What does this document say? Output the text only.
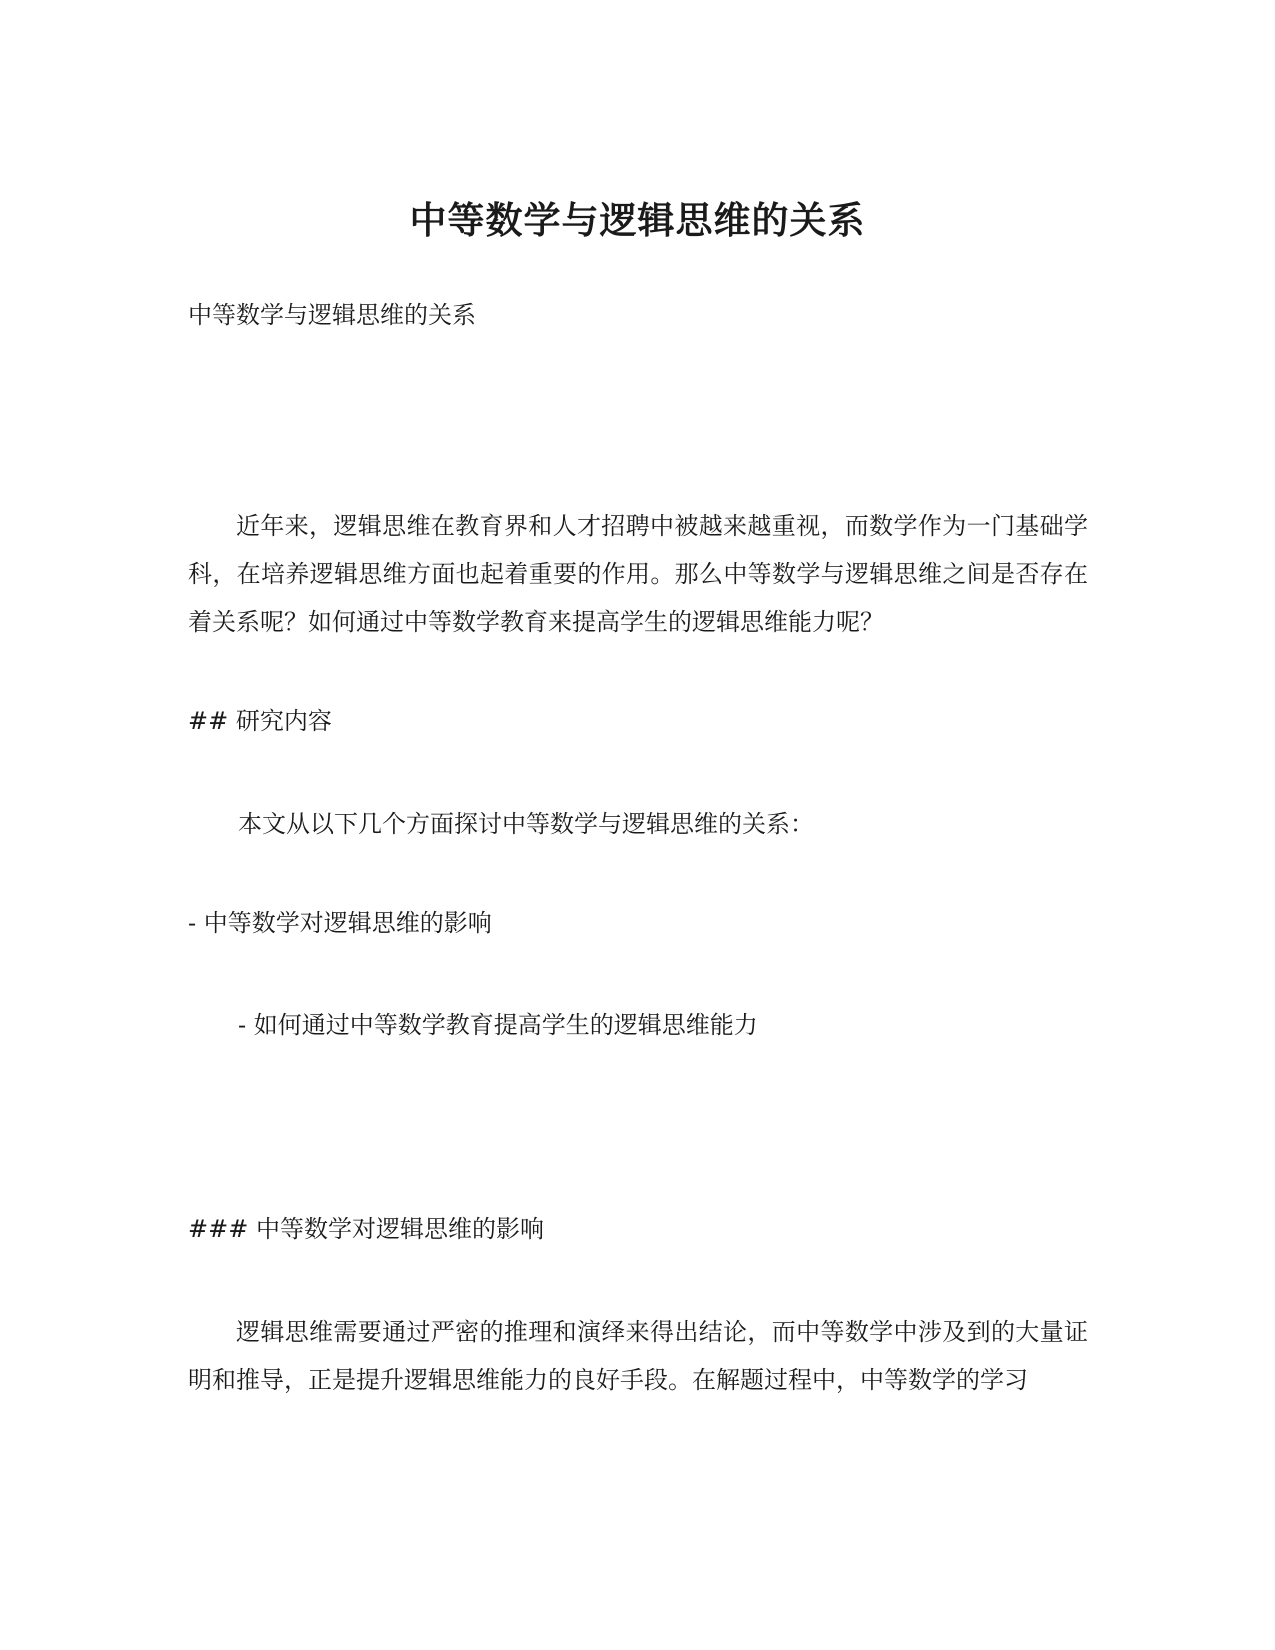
中等数学与逻辑思维的关系
中等数学与逻辑思维的关系
近年来，逻辑思维在教育界和人才招聘中被越来越重视，而数学作为一门基础学科，在培养逻辑思维方面也起着重要的作用。那么中等数学与逻辑思维之间是否存在着关系呢？如何通过中等数学教育来提高学生的逻辑思维能力呢？
## 研究内容
本文从以下几个方面探讨中等数学与逻辑思维的关系：
- 中等数学对逻辑思维的影响
- 如何通过中等数学教育提高学生的逻辑思维能力
### 中等数学对逻辑思维的影响
逻辑思维需要通过严密的推理和演绎来得出结论，而中等数学中涉及到的大量证明和推导，正是提升逻辑思维能力的良好手段。在解题过程中，中等数学的学习
